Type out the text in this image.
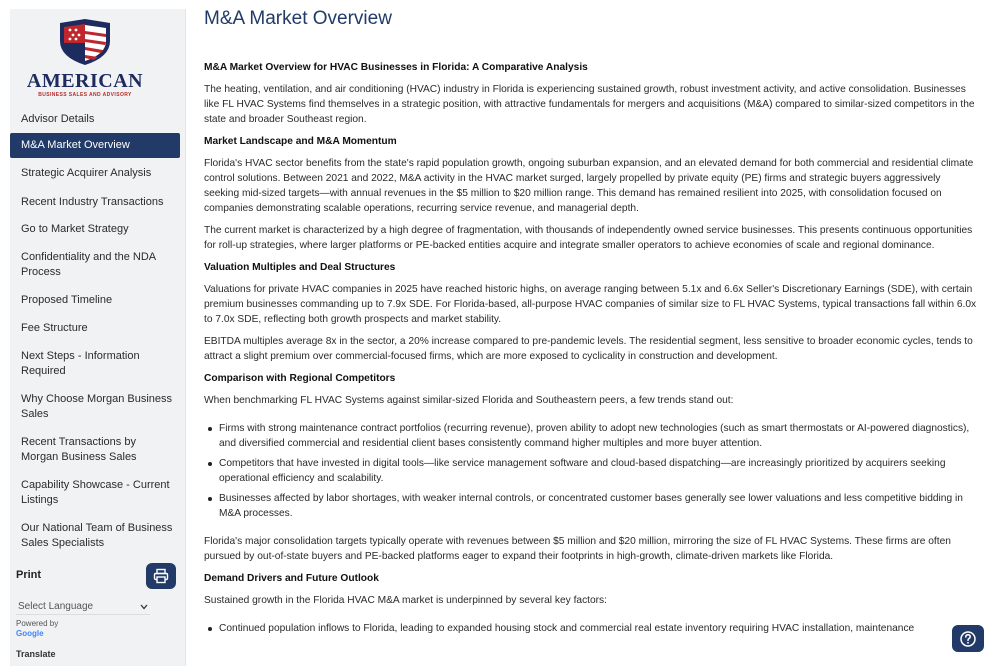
AMERICAN
BUSINESS SALES AND ADVISORY
Advisor Details
M&A Market Overview
Strategic Acquirer Analysis
Recent Industry Transactions
Go to Market Strategy
Confidentiality and the NDA Process
Proposed Timeline
Fee Structure
Next Steps - Information Required
Why Choose Morgan Business Sales
Recent Transactions by Morgan Business Sales
Capability Showcase - Current Listings
Our National Team of Business Sales Specialists
Print
Select Language
Powered by
Google
Translate
M&A Market Overview
M&A Market Overview for HVAC Businesses in Florida: A Comparative Analysis

The heating, ventilation, and air conditioning (HVAC) industry in Florida is experiencing sustained growth, robust investment activity, and active consolidation. Businesses like FL HVAC Systems find themselves in a strategic position, with attractive fundamentals for mergers and acquisitions (M&A) compared to similar-sized competitors in the state and broader Southeast region.

Market Landscape and M&A Momentum

Florida's HVAC sector benefits from the state's rapid population growth, ongoing suburban expansion, and an elevated demand for both commercial and residential climate control solutions. Between 2021 and 2022, M&A activity in the HVAC market surged, largely propelled by private equity (PE) firms and strategic buyers aggressively seeking mid-sized targets—with annual revenues in the $5 million to $20 million range. This demand has remained resilient into 2025, with consolidation focused on companies demonstrating scalable operations, recurring service revenue, and managerial depth.

The current market is characterized by a high degree of fragmentation, with thousands of independently owned service businesses. This presents continuous opportunities for roll-up strategies, where larger platforms or PE-backed entities acquire and integrate smaller operators to achieve economies of scale and regional dominance.

Valuation Multiples and Deal Structures

Valuations for private HVAC companies in 2025 have reached historic highs, on average ranging between 5.1x and 6.6x Seller's Discretionary Earnings (SDE), with certain premium businesses commanding up to 7.9x SDE. For Florida-based, all-purpose HVAC companies of similar size to FL HVAC Systems, typical transactions fall within 6.0x to 7.0x SDE, reflecting both growth prospects and market stability.

EBITDA multiples average 8x in the sector, a 20% increase compared to pre-pandemic levels. The residential segment, less sensitive to broader economic cycles, tends to attract a slight premium over commercial-focused firms, which are more exposed to cyclicality in construction and development.

Comparison with Regional Competitors

When benchmarking FL HVAC Systems against similar-sized Florida and Southeastern peers, a few trends stand out:

Firms with strong maintenance contract portfolios (recurring revenue), proven ability to adopt new technologies (such as smart thermostats or AI-powered diagnostics), and diversified commercial and residential client bases consistently command higher multiples and more buyer attention.
Competitors that have invested in digital tools—like service management software and cloud-based dispatching—are increasingly prioritized by acquirers seeking operational efficiency and scalability.
Businesses affected by labor shortages, with weaker internal controls, or concentrated customer bases generally see lower valuations and less competitive bidding in M&A processes.

Florida's major consolidation targets typically operate with revenues between $5 million and $20 million, mirroring the size of FL HVAC Systems. These firms are often pursued by out-of-state buyers and PE-backed platforms eager to expand their footprints in high-growth, climate-driven markets like Florida.

Demand Drivers and Future Outlook

Sustained growth in the Florida HVAC M&A market is underpinned by several key factors:

Continued population inflows to Florida, leading to expanded housing stock and commercial real estate inventory requiring HVAC installation, maintenance
